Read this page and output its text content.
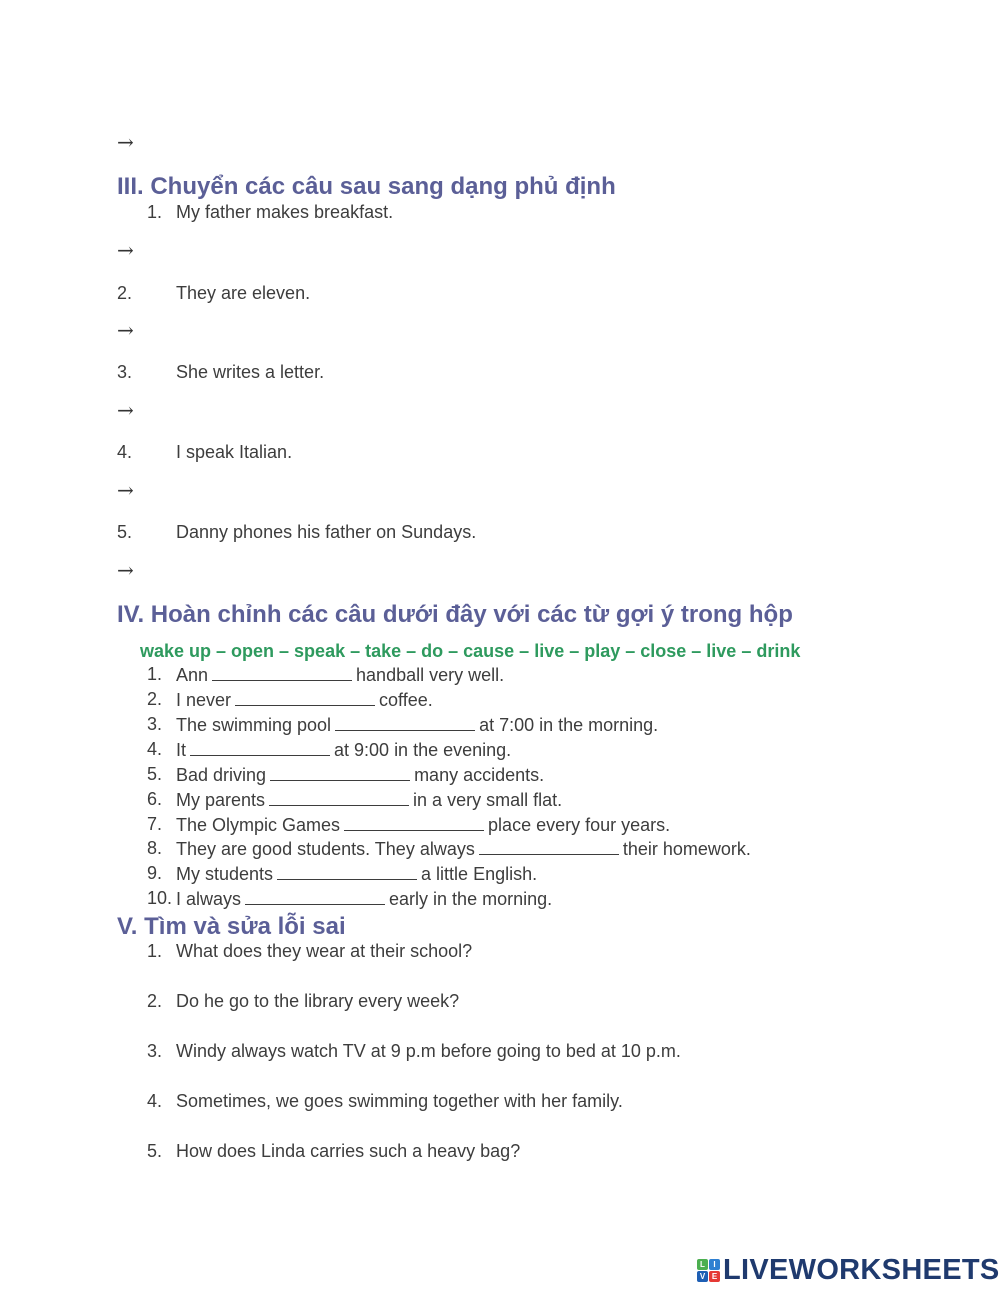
→
III. Chuyển các câu sau sang dạng phủ định
1. My father makes breakfast.
→
2. They are eleven.
→
3. She writes a letter.
→
4. I speak Italian.
→
5. Danny phones his father on Sundays.
→
IV. Hoàn chỉnh các câu dưới đây với các từ gợi ý trong hộp
wake up – open – speak – take – do – cause – live – play – close – live – drink
1. Ann	handball very well.
2. I never	coffee.
3. The swimming pool	at 7:00 in the morning.
4. It	at 9:00 in the evening.
5. Bad driving	many accidents.
6. My parents	in a very small flat.
7. The Olympic Games	place every four years.
8. They are good students. They always	their homework.
9. My students	a little English.
10. I always	early in the morning.
V. Tìm và sửa lỗi sai
1. What does they wear at their school?
2. Do he go to the library every week?
3. Windy always watch TV at 9 p.m before going to bed at 10 p.m.
4. Sometimes, we goes swimming together with her family.
5. How does Linda carries such a heavy bag?
L	I
V E LIVEWORKSHEETS
